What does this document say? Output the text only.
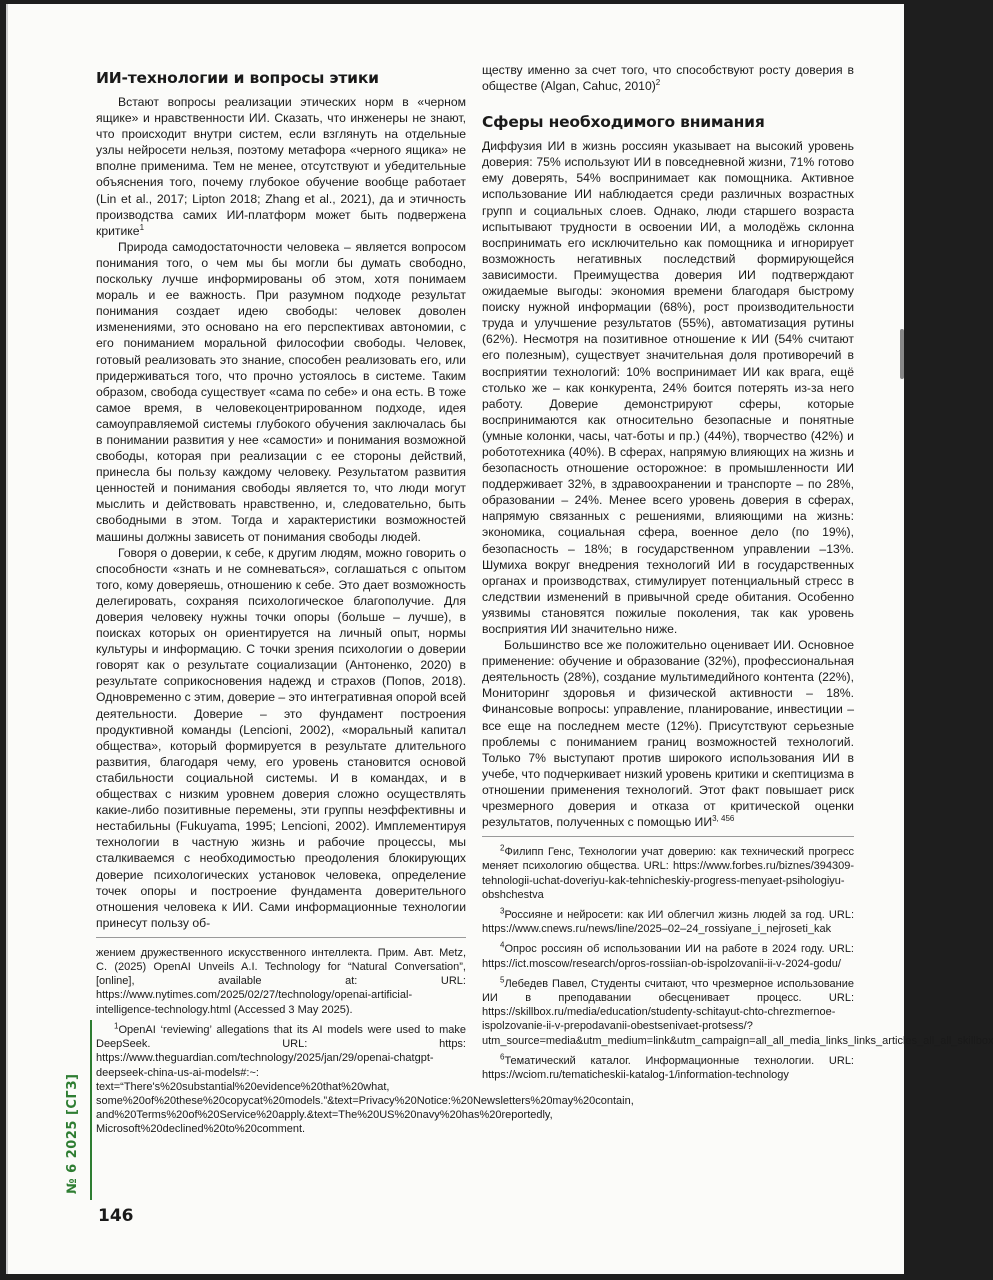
ИИ-технологии и вопросы этики

Встают вопросы реализации этических норм в «черном ящике» и нравственности ИИ. Сказать, что инженеры не знают, что происходит внутри систем, если взглянуть на отдельные узлы нейросети нельзя, поэтому метафора «черного ящика» не вполне применима. Тем не менее, отсутствуют и убедительные объяснения того, почему глубокое обучение вообще работает (Lin et al., 2017; Lipton 2018; Zhang et al., 2021), да и этичность производства самих ИИ-платформ может быть подвержена критике$^1$

Природа самодостаточности человека – является вопросом понимания того, о чем мы бы могли бы думать свободно, поскольку лучше информированы об этом, хотя понимаем мораль и ее важность. При разумном подходе результат понимания создает идею свободы: человек доволен изменениями, это основано на его перспективах автономии, с его пониманием моральной философии свободы. Человек, готовый реализовать это знание, способен реализовать его, или придерживаться того, что прочно устоялось в системе. Таким образом, свобода существует «сама по себе» и она есть. В тоже самое время, в человекоцентрированном подходе, идея самоуправляемой системы глубокого обучения заключалась бы в понимании развития у нее «самости» и понимания возможной свободы, которая при реализации с ее стороны действий, принесла бы пользу каждому человеку. Результатом развития ценностей и понимания свободы является то, что люди могут мыслить и действовать нравственно, и, следовательно, быть свободными в этом. Тогда и характеристики возможностей машины должны зависеть от понимания свободы людей.

Говоря о доверии, к себе, к другим людям, можно говорить о способности «знать и не сомневаться», соглашаться с опытом того, кому доверяешь, отношению к себе. Это дает возможность делегировать, сохраняя психологическое благополучие. Для доверия человеку нужны точки опоры (больше – лучше), в поисках которых он ориентируется на личный опыт, нормы культуры и информацию. С точки зрения психологии о доверии говорят как о результате социализации (Антоненко, 2020) в результате соприкосновения надежд и страхов (Попов, 2018). Одновременно с этим, доверие – это интегративная опорой всей деятельности. Доверие – это фундамент построения продуктивной команды (Lencioni, 2002), «моральный капитал общества», который формируется в результате длительного развития, благодаря чему, его уровень становится основой стабильности социальной системы. И в командах, и в обществах с низким уровнем доверия сложно осуществлять какие-либо позитивные перемены, эти группы неэффективны и нестабильны (Fukuyama, 1995; Lencioni, 2002). Имплементируя технологии в частную жизнь и рабочие процессы, мы сталкиваемся с необходимостью преодоления блокирующих доверие психологических установок человека, определение точек опоры и построение фундамента доверительного отношения человека к ИИ. Сами информационные технологии принесут пользу об-

жением дружественного искусственного интеллекта. Прим. Авт. Metz, C. (2025) OpenAI Unveils A.I. Technology for “Natural Conversation”, [online], available at: URL: https://www.nytimes.com/2025/02/27/technology/openai-artificial-intelligence-technology.html (Accessed 3 May 2025).

$^1$OpenAI ‘reviewing’ allegations that its AI models were used to make DeepSeek. URL: https: https://www.theguardian.com/technology/2025/jan/29/openai-chatgpt-deepseek-china-us-ai-models#:~: text=“There's%20substantial%20evidence%20that%20what, some%20of%20these%20copycat%20models.”&text=Privacy%20Notice:%20Newsletters%20may%20contain, and%20Terms%20of%20Service%20apply.&text=The%20US%20navy%20has%20reportedly, Microsoft%20declined%20to%20comment.

ществу именно за счет того, что способствуют росту доверия в обществе (Algan, Cahuc, 2010)$^2$

Сферы необходимого внимания

Диффузия ИИ в жизнь россиян указывает на высокий уровень доверия: 75% используют ИИ в повседневной жизни, 71% готово ему доверять, 54% воспринимает как помощника. Активное использование ИИ наблюдается среди различных возрастных групп и социальных слоев. Однако, люди старшего возраста испытывают трудности в освоении ИИ, а молодёжь склонна воспринимать его исключительно как помощника и игнорирует возможность негативных последствий формирующейся зависимости. Преимущества доверия ИИ подтверждают ожидаемые выгоды: экономия времени благодаря быстрому поиску нужной информации (68%), рост производительности труда и улучшение результатов (55%), автоматизация рутины (62%). Несмотря на позитивное отношение к ИИ (54% считают его полезным), существует значительная доля противоречий в восприятии технологий: 10% воспринимает ИИ как врага, ещё столько же – как конкурента, 24% боится потерять из-за него работу. Доверие демонстрируют сферы, которые воспринимаются как относительно безопасные и понятные (умные колонки, часы, чат-боты и пр.) (44%), творчество (42%) и робототехника (40%). В сферах, напрямую влияющих на жизнь и безопасность отношение осторожное: в промышленности ИИ поддерживает 32%, в здравоохранении и транспорте – по 28%, образовании – 24%. Менее всего уровень доверия в сферах, напрямую связанных с решениями, влияющими на жизнь: экономика, социальная сфера, военное дело (по 19%), безопасность – 18%; в государственном управлении –13%. Шумиха вокруг внедрения технологий ИИ в государственных органах и производствах, стимулирует потенциальный стресс в следствии изменений в привычной среде обитания. Особенно уязвимы становятся пожилые поколения, так как уровень восприятия ИИ значительно ниже.

Большинство все же положительно оценивает ИИ. Основное применение: обучение и образование (32%), профессиональная деятельность (28%), создание мультимедийного контента (22%), Мониторинг здоровья и физической активности – 18%. Финансовые вопросы: управление, планирование, инвестиции – все еще на последнем месте (12%). Присутствуют серьезные проблемы с пониманием границ возможностей технологий. Только 7% выступают против широкого использования ИИ в учебе, что подчеркивает низкий уровень критики и скептицизма в отношении применения технологий. Этот факт повышает риск чрезмерного доверия и отказа от критической оценки результатов, полученных с помощью ИИ$^{3, 456}$

$^2$Филипп Генс, Технологии учат доверию: как технический прогресс меняет психологию общества. URL: https://www.forbes.ru/biznes/394309-tehnologii-uchat-doveriyu-kak-tehnicheskiy-progress-menyaet-psihologiyu-obshchestva

$^3$Россияне и нейросети: как ИИ облегчил жизнь людей за год. URL: https://www.cnews.ru/news/line/2025–02–24_rossiyane_i_nejroseti_kak

$^4$Опрос россиян об использовании ИИ на работе в 2024 году. URL: https://ict.moscow/research/opros-rossiian-ob-ispolzovanii-ii-v-2024-godu/

$^5$Лебедев Павел, Студенты считают, что чрезмерное использование ИИ в преподавании обесценивает процесс. URL: https://skillbox.ru/media/education/studenty-schitayut-chto-chrezmernoe-ispolzovanie-ii-v-prepodavanii-obestsenivaet-protsess/?utm_source=media&utm_medium=link&utm_campaign=all_all_media_links_links_articles_all_all_skillbox

$^6$Тематический каталог. Информационные технологии. URL: https://wciom.ru/tematicheskii-katalog-1/information-technology

№ 6 2025 [СГЗ]
146
